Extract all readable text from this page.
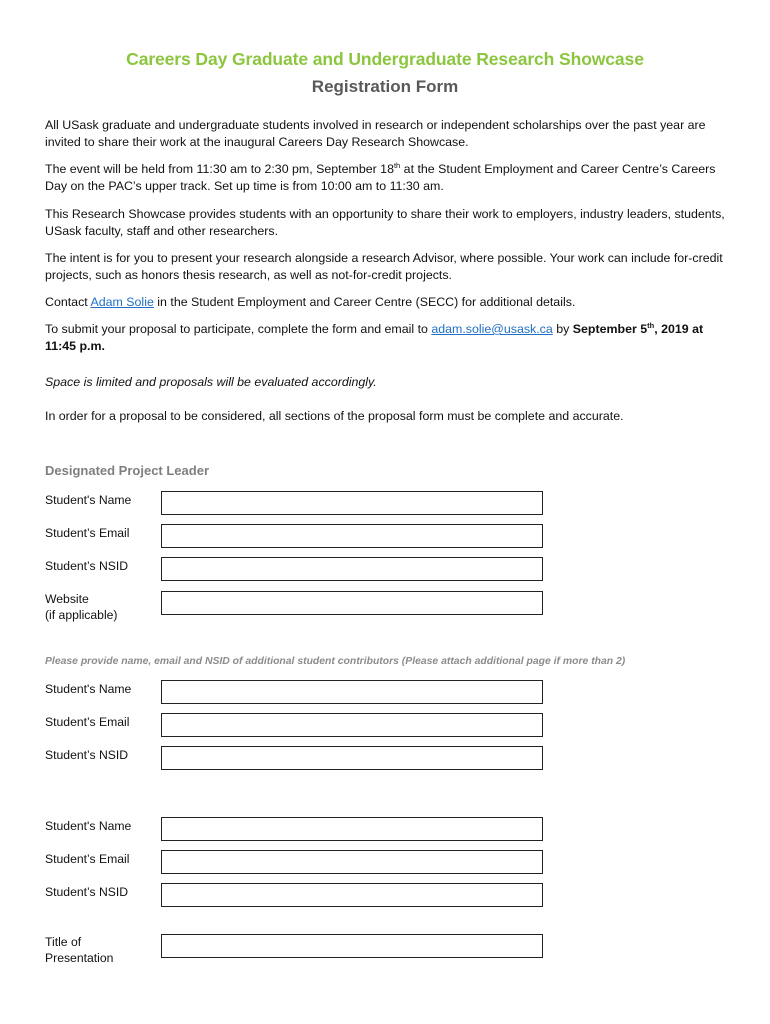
Careers Day Graduate and Undergraduate Research Showcase
Registration Form

All USask graduate and undergraduate students involved in research or independent scholarships over the past year are invited to share their work at the inaugural Careers Day Research Showcase.

The event will be held from 11:30 am to 2:30 pm, September 18th at the Student Employment and Career Centre’s Careers Day on the PAC’s upper track. Set up time is from 10:00 am to 11:30 am.

This Research Showcase provides students with an opportunity to share their work to employers, industry leaders, students, USask faculty, staff and other researchers.

The intent is for you to present your research alongside a research Advisor, where possible. Your work can include for-credit projects, such as honors thesis research, as well as not-for-credit projects.

Contact Adam Solie in the Student Employment and Career Centre (SECC) for additional details.

To submit your proposal to participate, complete the form and email to adam.solie@usask.ca by September 5th, 2019 at 11:45 p.m.

Space is limited and proposals will be evaluated accordingly.

In order for a proposal to be considered, all sections of the proposal form must be complete and accurate.

Designated Project Leader
Student's Name
Student’s Email
Student’s NSID
Website
(if applicable)
Please provide name, email and NSID of additional student contributors (Please attach additional page if more than 2)
Student's Name
Student’s Email
Student’s NSID
Student's Name
Student’s Email
Student’s NSID
Title of
Presentation
